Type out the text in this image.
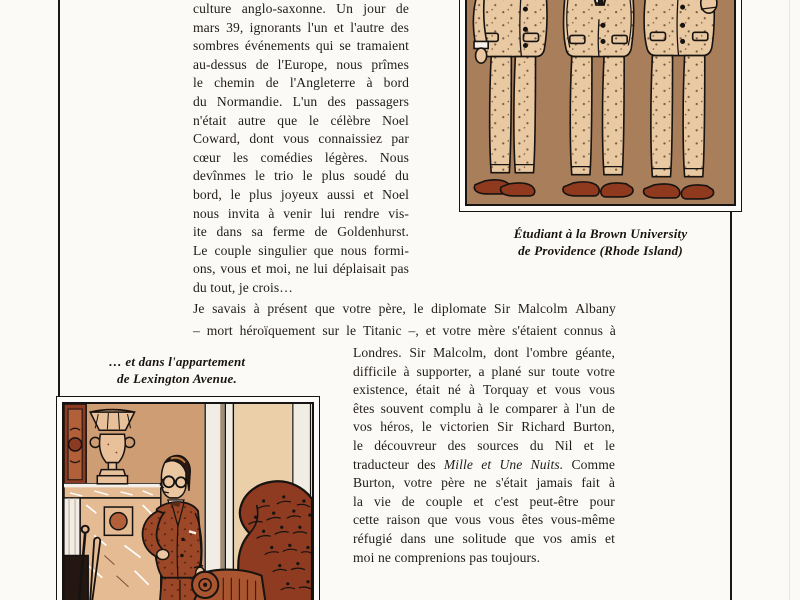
Étudiant à la Brown University
de Providence (Rhode Island)
culture anglo-saxonne. Un jour de
mars 39, ignorants l'un et l'autre des
sombres événements qui se tramaient
au-dessus de l'Europe, nous prîmes
le chemin de l'Angleterre à bord
du Normandie. L'un des passagers
n'était autre que le célèbre Noel
Coward, dont vous connaissiez par
cœur les comédies légères. Nous
devînmes le trio le plus soudé du
bord, le plus joyeux aussi et Noel
nous invita à venir lui rendre vis-
ite dans sa ferme de Goldenhurst.
Le couple singulier que nous formi-
ons, vous et moi, ne lui déplaisait pas
du tout, je crois…
Je savais à présent que votre père, le diplomate Sir Malcolm Albany
– mort héroïquement sur le Titanic –, et votre mère s'étaient connus à
Londres. Sir Malcolm, dont l'ombre géante,
difficile à supporter, a plané sur toute votre
existence, était né à Torquay et vous vous
êtes souvent complu à le comparer à l'un de
vos héros, le victorien Sir Richard Burton,
le découvreur des sources du Nil et le
traducteur des Mille et Une Nuits. Comme
Burton, votre père ne s'était jamais fait à
la vie de couple et c'est peut-être pour
cette raison que vous vous êtes vous-même
réfugié dans une solitude que vos amis et
moi ne comprenions pas toujours.
… et dans l'appartement
de Lexington Avenue.
